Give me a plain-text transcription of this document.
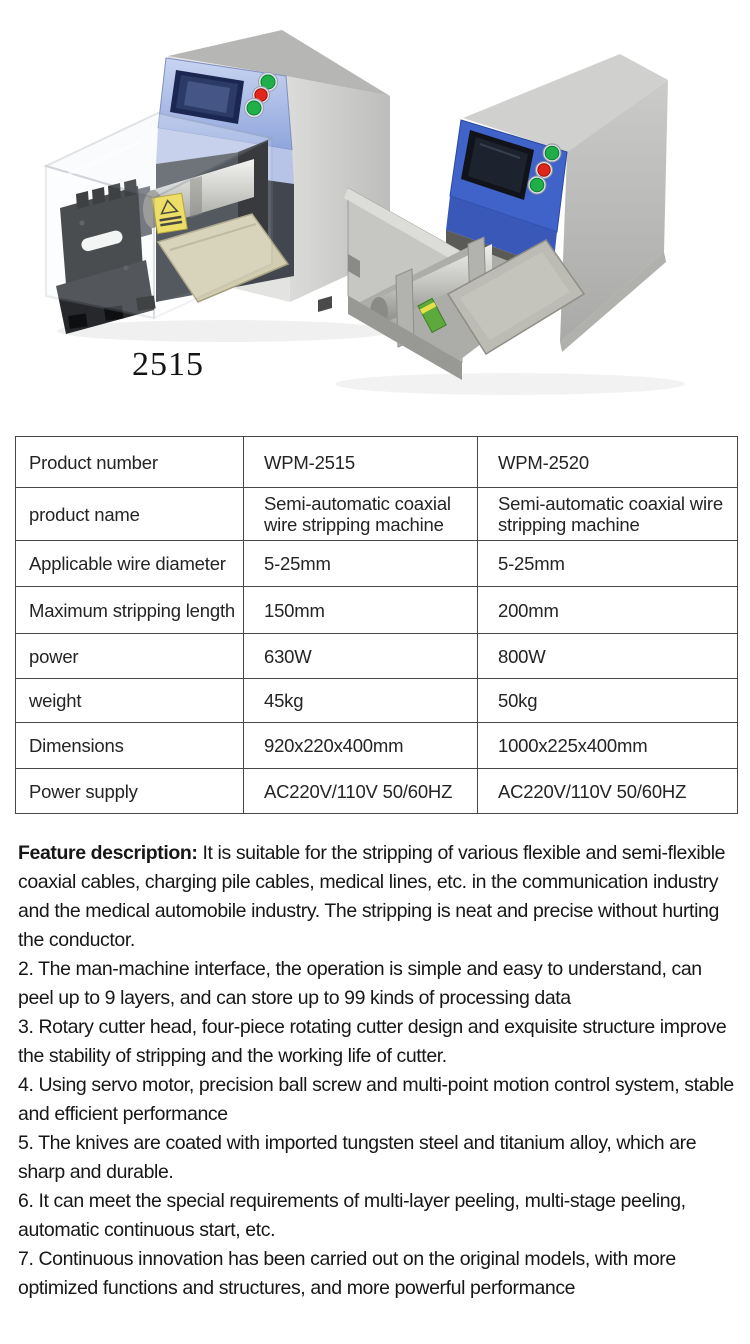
2515
Product number	WPM-2515	WPM-2520
product name	Semi-automatic coaxial wire stripping machine	Semi-automatic coaxial wire stripping machine
Applicable wire diameter	5-25mm	5-25mm
Maximum stripping length	150mm	200mm
power	630W	800W
weight	45kg	50kg
Dimensions	920x220x400mm	1000x225x400mm
Power supply	AC220V/110V 50/60HZ	AC220V/110V 50/60HZ

Feature description: It is suitable for the stripping of various flexible and semi-flexible coaxial cables, charging pile cables, medical lines, etc. in the communication industry and the medical automobile industry. The stripping is neat and precise without hurting the conductor.

2. The man-machine interface, the operation is simple and easy to understand, can peel up to 9 layers, and can store up to 99 kinds of processing data

3. Rotary cutter head, four-piece rotating cutter design and exquisite structure improve the stability of stripping and the working life of cutter.

4. Using servo motor, precision ball screw and multi-point motion control system, stable and efficient performance

5. The knives are coated with imported tungsten steel and titanium alloy, which are sharp and durable.

6. It can meet the special requirements of multi-layer peeling, multi-stage peeling, automatic continuous start, etc.

7. Continuous innovation has been carried out on the original models, with more optimized functions and structures, and more powerful performance
